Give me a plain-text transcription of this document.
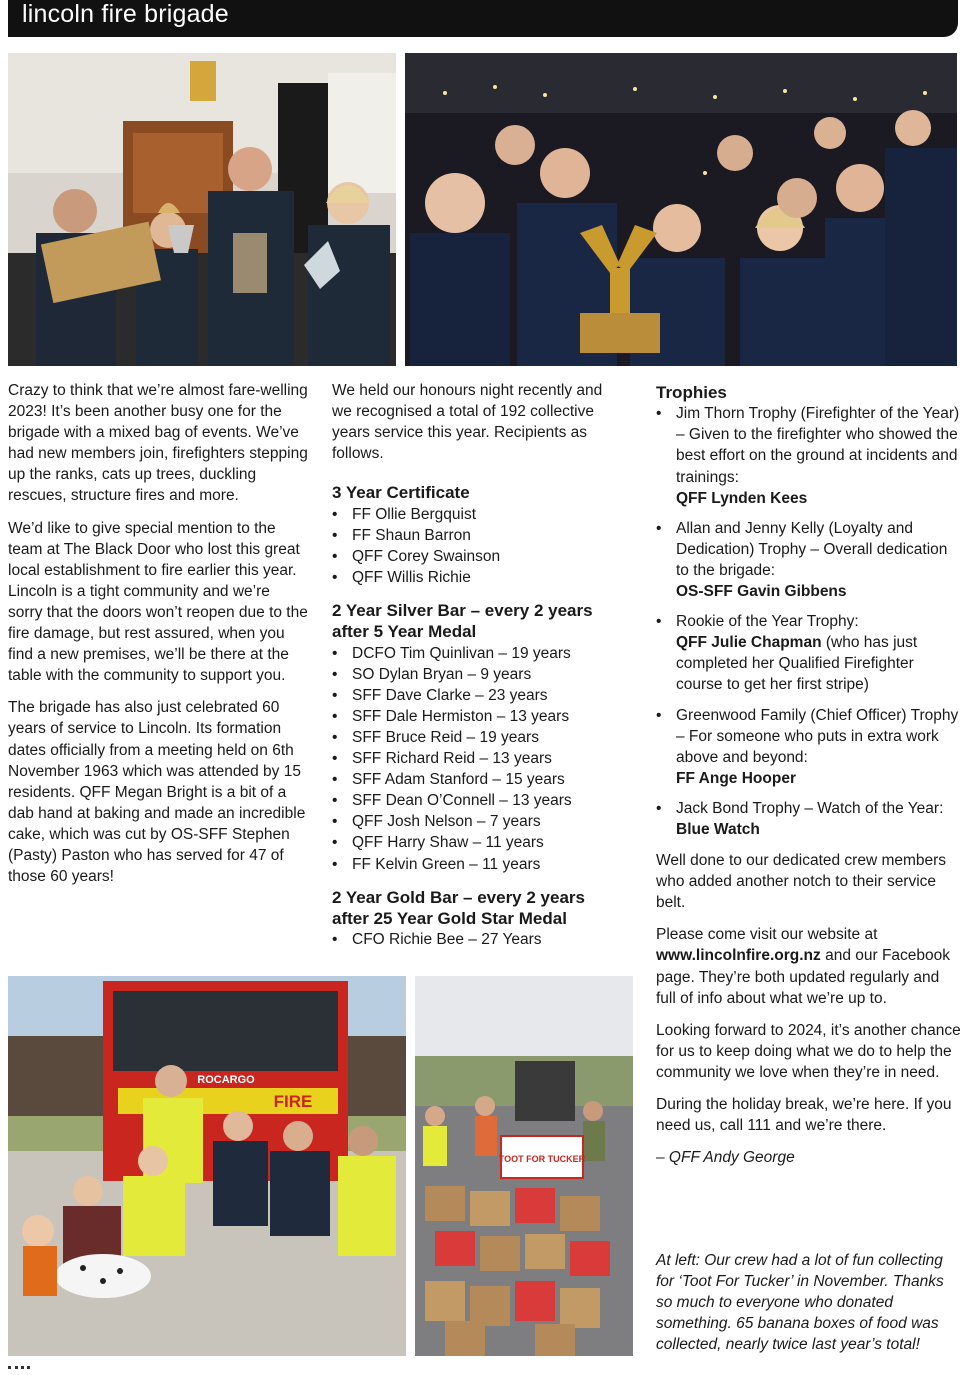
lincoln fire brigade

Crazy to think that we’re almost fare-welling 2023! It’s been another busy one for the brigade with a mixed bag of events. We’ve had new members join, firefighters stepping up the ranks, cats up trees, duckling rescues, structure fires and more.

We’d like to give special mention to the team at The Black Door who lost this great local establishment to fire earlier this year. Lincoln is a tight community and we’re sorry that the doors won’t reopen due to the fire damage, but rest assured, when you find a new premises, we’ll be there at the table with the community to support you.

The brigade has also just celebrated 60 years of service to Lincoln. Its formation dates officially from a meeting held on 6th November 1963 which was attended by 15 residents. QFF Megan Bright is a bit of a dab hand at baking and made an incredible cake, which was cut by OS-SFF Stephen (Pasty) Paston who has served for 47 of those 60 years!

We held our honours night recently and we recognised a total of 192 collective years service this year. Recipients as follows.

3 Year Certificate
• FF Ollie Bergquist
• FF Shaun Barron
• QFF Corey Swainson
• QFF Willis Richie
2 Year Silver Bar – every 2 years after 5 Year Medal
• DCFO Tim Quinlivan – 19 years
• SO Dylan Bryan – 9 years
• SFF Dave Clarke – 23 years
• SFF Dale Hermiston – 13 years
• SFF Bruce Reid – 19 years
• SFF Richard Reid – 13 years
• SFF Adam Stanford – 15 years
• SFF Dean O’Connell – 13 years
• QFF Josh Nelson – 7 years
• QFF Harry Shaw – 11 years
• FF Kelvin Green – 11 years
2 Year Gold Bar – every 2 years after 25 Year Gold Star Medal
• CFO Richie Bee – 27 Years
Trophies
• Jim Thorn Trophy (Firefighter of the Year) – Given to the firefighter who showed the best effort on the ground at incidents and trainings:
QFF Lynden Kees
• Allan and Jenny Kelly (Loyalty and Dedication) Trophy – Overall dedication to the brigade:
OS-SFF Gavin Gibbens
• Rookie of the Year Trophy:
QFF Julie Chapman (who has just completed her Qualified Firefighter course to get her first stripe)
• Greenwood Family (Chief Officer) Trophy – For someone who puts in extra work above and beyond:
FF Ange Hooper
• Jack Bond Trophy – Watch of the Year:
Blue Watch

Well done to our dedicated crew members who added another notch to their service belt.

Please come visit our website at www.lincolnfire.org.nz and our Facebook page. They’re both updated regularly and full of info about what we’re up to.

Looking forward to 2024, it’s another chance for us to keep doing what we do to help the community we love when they’re in need.

During the holiday break, we’re here. If you need us, call 111 and we’re there.

– QFF Andy George

ROCARGO
FIRE
TOOT FOR TUCKER

At left: Our crew had a lot of fun collecting for ‘Toot For Tucker’ in November. Thanks so much to everyone who donated something. 65 banana boxes of food was collected, nearly twice last year’s total!
